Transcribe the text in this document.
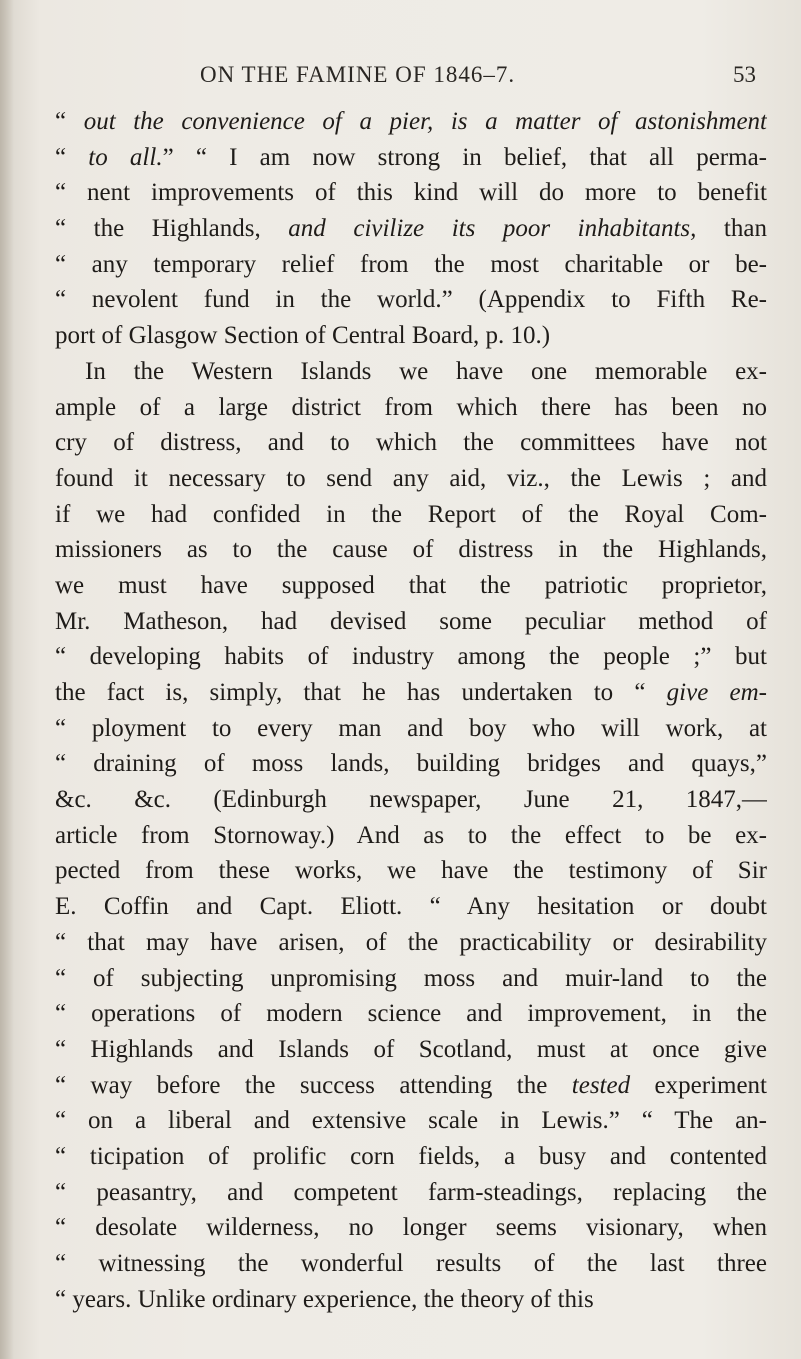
ON THE FAMINE OF 1846–7.	53
“ out the convenience of a pier, is a matter of astonishment
“ to all.” “ I am now strong in belief, that all perma-
“ nent improvements of this kind will do more to benefit
“ the Highlands, and civilize its poor inhabitants, than
“ any temporary relief from the most charitable or be-
“ nevolent fund in the world.” (Appendix to Fifth Re-
port of Glasgow Section of Central Board, p. 10.)
In the Western Islands we have one memorable ex-
ample of a large district from which there has been no
cry of distress, and to which the committees have not
found it necessary to send any aid, viz., the Lewis ; and
if we had confided in the Report of the Royal Com-
missioners as to the cause of distress in the Highlands,
we must have supposed that the patriotic proprietor,
Mr. Matheson, had devised some peculiar method of
“ developing habits of industry among the people ;” but
the fact is, simply, that he has undertaken to “ give em-
“ ployment to every man and boy who will work, at
“ draining of moss lands, building bridges and quays,”
&c. &c. (Edinburgh newspaper, June 21, 1847,—
article from Stornoway.) And as to the effect to be ex-
pected from these works, we have the testimony of Sir
E. Coffin and Capt. Eliott. “ Any hesitation or doubt
“ that may have arisen, of the practicability or desirability
“ of subjecting unpromising moss and muir-land to the
“ operations of modern science and improvement, in the
“ Highlands and Islands of Scotland, must at once give
“ way before the success attending the tested experiment
“ on a liberal and extensive scale in Lewis.” “ The an-
“ ticipation of prolific corn fields, a busy and contented
“ peasantry, and competent farm-steadings, replacing the
“ desolate wilderness, no longer seems visionary, when
“ witnessing the wonderful results of the last three
“ years. Unlike ordinary experience, the theory of this
